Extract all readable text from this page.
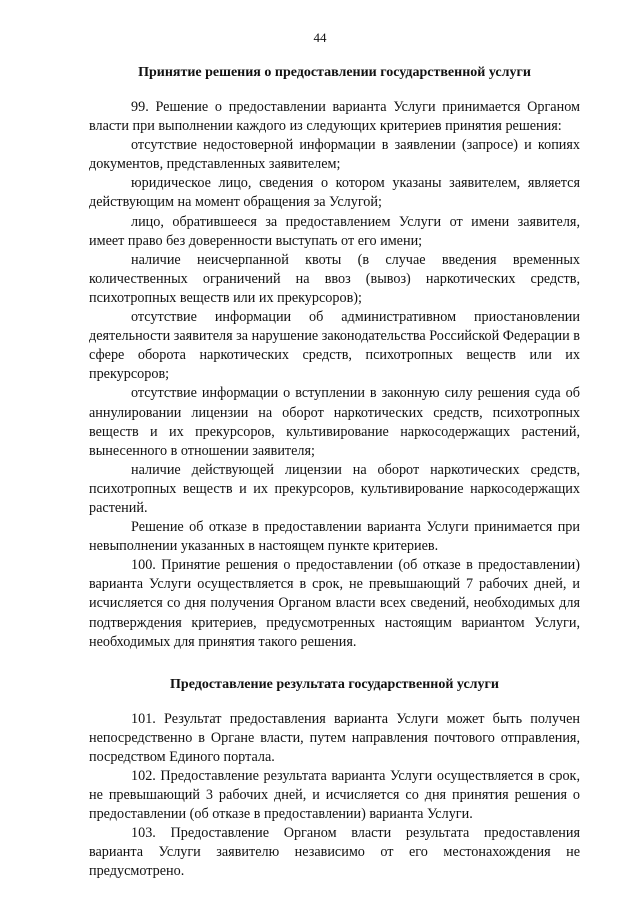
44
Принятие решения о предоставлении государственной услуги

99. Решение о предоставлении варианта Услуги принимается Органом власти при выполнении каждого из следующих критериев принятия решения:

отсутствие недостоверной информации в заявлении (запросе) и копиях документов, представленных заявителем;

юридическое лицо, сведения о котором указаны заявителем, является действующим на момент обращения за Услугой;

лицо, обратившееся за предоставлением Услуги от имени заявителя, имеет право без доверенности выступать от его имени;

наличие неисчерпанной квоты (в случае введения временных количественных ограничений на ввоз (вывоз) наркотических средств, психотропных веществ или их прекурсоров);

отсутствие информации об административном приостановлении деятельности заявителя за нарушение законодательства Российской Федерации в сфере оборота наркотических средств, психотропных веществ или их прекурсоров;

отсутствие информации о вступлении в законную силу решения суда об аннулировании лицензии на оборот наркотических средств, психотропных веществ и их прекурсоров, культивирование наркосодержащих растений, вынесенного в отношении заявителя;

наличие действующей лицензии на оборот наркотических средств, психотропных веществ и их прекурсоров, культивирование наркосодержащих растений.

Решение об отказе в предоставлении варианта Услуги принимается при невыполнении указанных в настоящем пункте критериев.

100. Принятие решения о предоставлении (об отказе в предоставлении) варианта Услуги осуществляется в срок, не превышающий 7 рабочих дней, и исчисляется со дня получения Органом власти всех сведений, необходимых для подтверждения критериев, предусмотренных настоящим вариантом Услуги, необходимых для принятия такого решения.

Предоставление результата государственной услуги

101. Результат предоставления варианта Услуги может быть получен непосредственно в Органе власти, путем направления почтового отправления, посредством Единого портала.

102. Предоставление результата варианта Услуги осуществляется в срок, не превышающий 3 рабочих дней, и исчисляется со дня принятия решения о предоставлении (об отказе в предоставлении) варианта Услуги.

103. Предоставление Органом власти результата предоставления варианта Услуги заявителю независимо от его местонахождения не предусмотрено.
